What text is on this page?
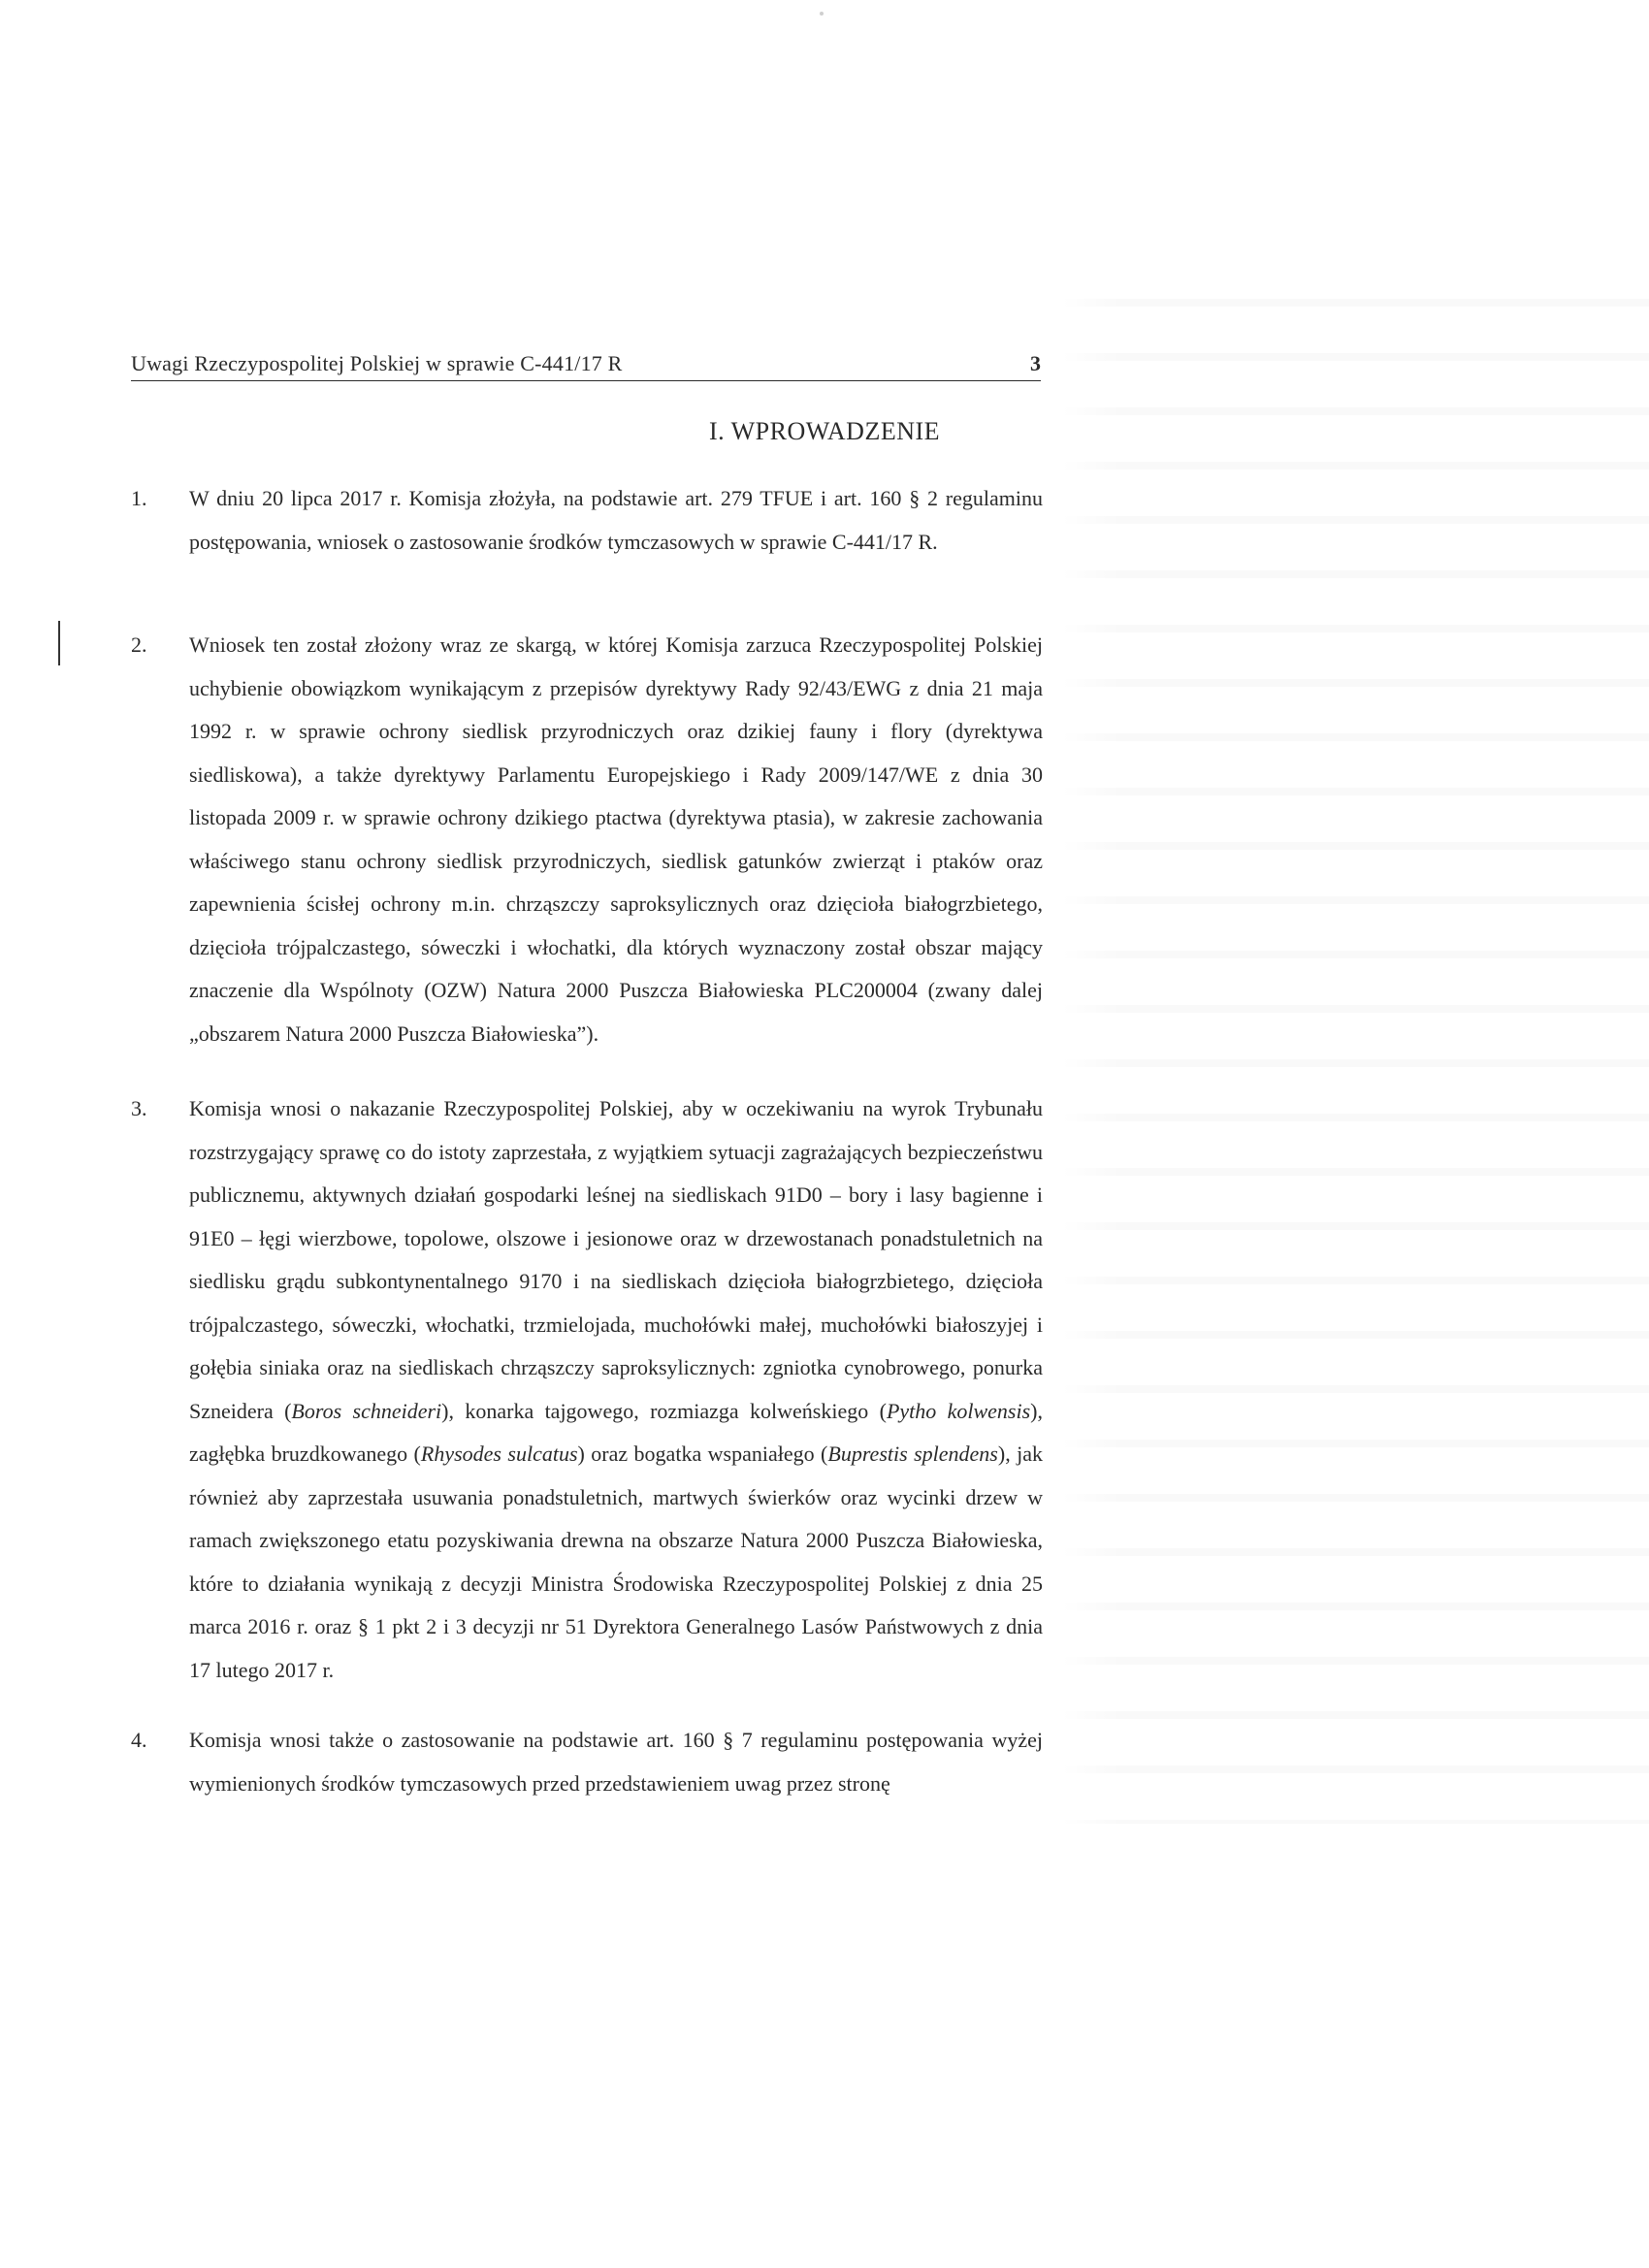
Uwagi Rzeczypospolitej Polskiej w sprawie C-441/17 R	3
I. WPROWADZENIE
1.	W dniu 20 lipca 2017 r. Komisja złożyła, na podstawie art. 279 TFUE i art. 160 § 2 regulaminu postępowania, wniosek o zastosowanie środków tymczasowych w sprawie C-441/17 R.
2.	Wniosek ten został złożony wraz ze skargą, w której Komisja zarzuca Rzeczypospolitej Polskiej uchybienie obowiązkom wynikającym z przepisów dyrektywy Rady 92/43/EWG z dnia 21 maja 1992 r. w sprawie ochrony siedlisk przyrodniczych oraz dzikiej fauny i flory (dyrektywa siedliskowa), a także dyrektywy Parlamentu Europejskiego i Rady 2009/147/WE z dnia 30 listopada 2009 r. w sprawie ochrony dzikiego ptactwa (dyrektywa ptasia), w zakresie zachowania właściwego stanu ochrony siedlisk przyrodniczych, siedlisk gatunków zwierząt i ptaków oraz zapewnienia ścisłej ochrony m.in. chrząszczy saproksylicznych oraz dzięcioła białogrzbietego, dzięcioła trójpalczastego, sóweczki i włochatki, dla których wyznaczony został obszar mający znaczenie dla Wspólnoty (OZW) Natura 2000 Puszcza Białowieska PLC200004 (zwany dalej „obszarem Natura 2000 Puszcza Białowieska”).
3.	Komisja wnosi o nakazanie Rzeczypospolitej Polskiej, aby w oczekiwaniu na wyrok Trybunału rozstrzygający sprawę co do istoty zaprzestała, z wyjątkiem sytuacji zagrażających bezpieczeństwu publicznemu, aktywnych działań gospodarki leśnej na siedliskach 91D0 – bory i lasy bagienne i 91E0 – łęgi wierzbowe, topolowe, olszowe i jesionowe oraz w drzewostanach ponadstuletnich na siedlisku grądu subkontynentalnego 9170 i na siedliskach dzięcioła białogrzbietego, dzięcioła trójpalczastego, sóweczki, włochatki, trzmielojada, muchołówki małej, muchołówki białoszyjej i gołębia siniaka oraz na siedliskach chrząszczy saproksylicznych: zgniotka cynobrowego, ponurka Szneidera (Boros schneideri), konarka tajgowego, rozmiazga kolweńskiego (Pytho kolwensis), zagłębka bruzdkowanego (Rhysodes sulcatus) oraz bogatka wspaniałego (Buprestis splendens), jak również aby zaprzestała usuwania ponadstuletnich, martwych świerków oraz wycinki drzew w ramach zwiększonego etatu pozyskiwania drewna na obszarze Natura 2000 Puszcza Białowieska, które to działania wynikają z decyzji Ministra Środowiska Rzeczypospolitej Polskiej z dnia 25 marca 2016 r. oraz § 1 pkt 2 i 3 decyzji nr 51 Dyrektora Generalnego Lasów Państwowych z dnia 17 lutego 2017 r.
4.	Komisja wnosi także o zastosowanie na podstawie art. 160 § 7 regulaminu postępowania wyżej wymienionych środków tymczasowych przed przedstawieniem uwag przez stronę
